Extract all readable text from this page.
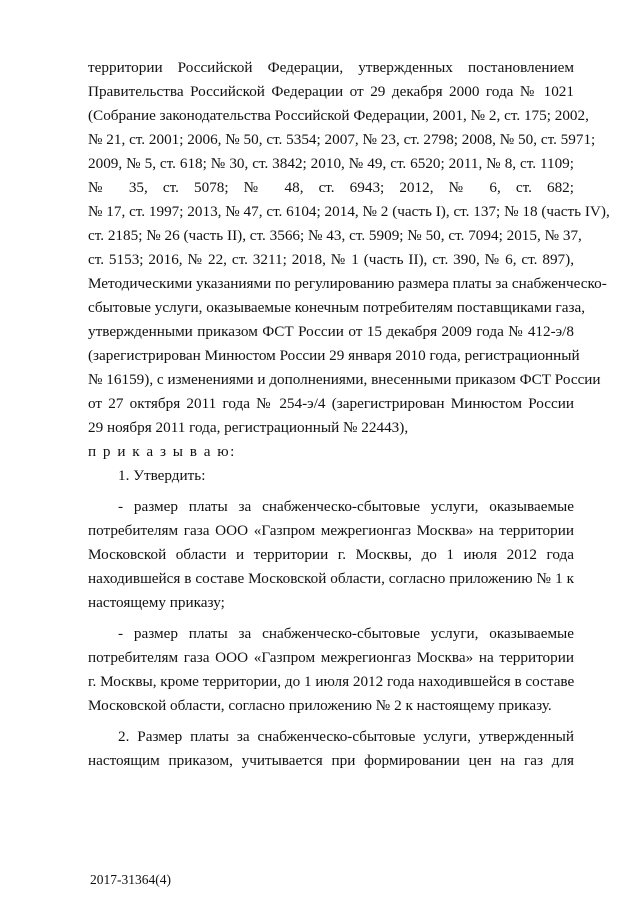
территории Российской Федерации, утвержденных постановлением
Правительства Российской Федерации от 29 декабря 2000 года № 1021
(Собрание законодательства Российской Федерации, 2001, № 2, ст. 175; 2002,
№ 21, ст. 2001; 2006, № 50, ст. 5354; 2007, № 23, ст. 2798; 2008, № 50, ст. 5971;
2009, № 5, ст. 618; № 30, ст. 3842; 2010, № 49, ст. 6520; 2011, № 8, ст. 1109;
№ 35, ст. 5078; № 48, ст. 6943; 2012, № 6, ст. 682;
№ 17, ст. 1997; 2013, № 47, ст. 6104; 2014, № 2 (часть I), ст. 137; № 18 (часть IV),
ст. 2185; № 26 (часть II), ст. 3566; № 43, ст. 5909; № 50, ст. 7094; 2015, № 37,
ст. 5153; 2016, № 22, ст. 3211; 2018, № 1 (часть II), ст. 390, № 6, ст. 897),
Методическими указаниями по регулированию размера платы за снабженческо-
сбытовые услуги, оказываемые конечным потребителям поставщиками газа,
утвержденными приказом ФСТ России от 15 декабря 2009 года № 412-э/8
(зарегистрирован Минюстом России 29 января 2010 года, регистрационный
№ 16159), с изменениями и дополнениями, внесенными приказом ФСТ России
от 27 октября 2011 года № 254-э/4 (зарегистрирован Минюстом России
29 ноября 2011 года, регистрационный № 22443),
п р и к а з ы в а ю:
1. Утвердить:
- размер платы за снабженческо-сбытовые услуги, оказываемые
потребителям газа ООО «Газпром межрегионгаз Москва» на территории
Московской области и территории г. Москвы, до 1 июля 2012 года
находившейся в составе Московской области, согласно приложению № 1 к
настоящему приказу;
- размер платы за снабженческо-сбытовые услуги, оказываемые
потребителям газа ООО «Газпром межрегионгаз Москва» на территории
г. Москвы, кроме территории, до 1 июля 2012 года находившейся в составе
Московской области, согласно приложению № 2 к настоящему приказу.
2. Размер платы за снабженческо-сбытовые услуги, утвержденный
настоящим приказом, учитывается при формировании цен на газ для
2017-31364(4)
